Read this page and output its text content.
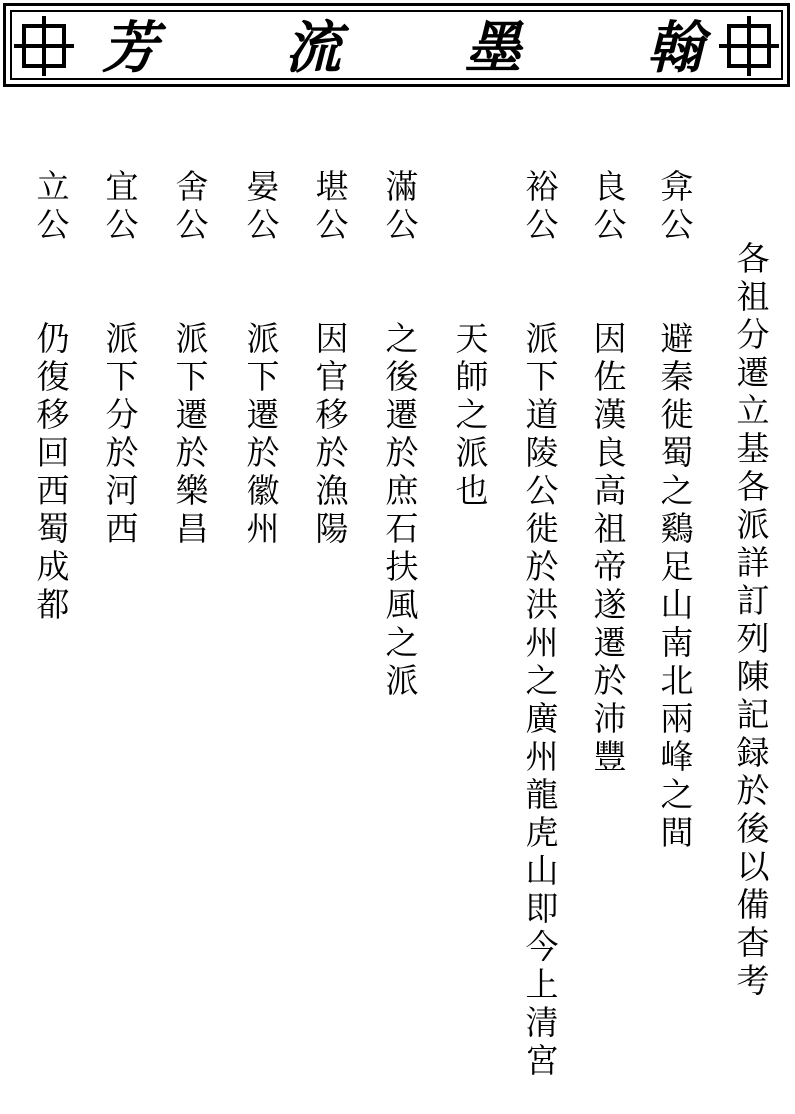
芳 流 墨 翰
各
祖
分
遷
立
基
各
派
詳
訂
列
陳
記
録
於
後
以
備
杳
考
弇
公
避
秦
徙
蜀
之
鷄
足
山
南
北
兩
峰
之
間
良
公
因
佐
漢
良
高
祖
帝
遂
遷
於
沛
豐
裕
公
派
下
道
陵
公
徙
於
洪
州
之
廣
州
龍
虎
山
即
今
上
清
宮
天
師
之
派
也
滿
公
之
後
遷
於
庶
石
扶
風
之
派
堪
公
因
官
移
於
漁
陽
晏
公
派
下
遷
於
徽
州
舍
公
派
下
遷
於
樂
昌
宜
公
派
下
分
於
河
西
立
公
仍
復
移
回
西
蜀
成
都
